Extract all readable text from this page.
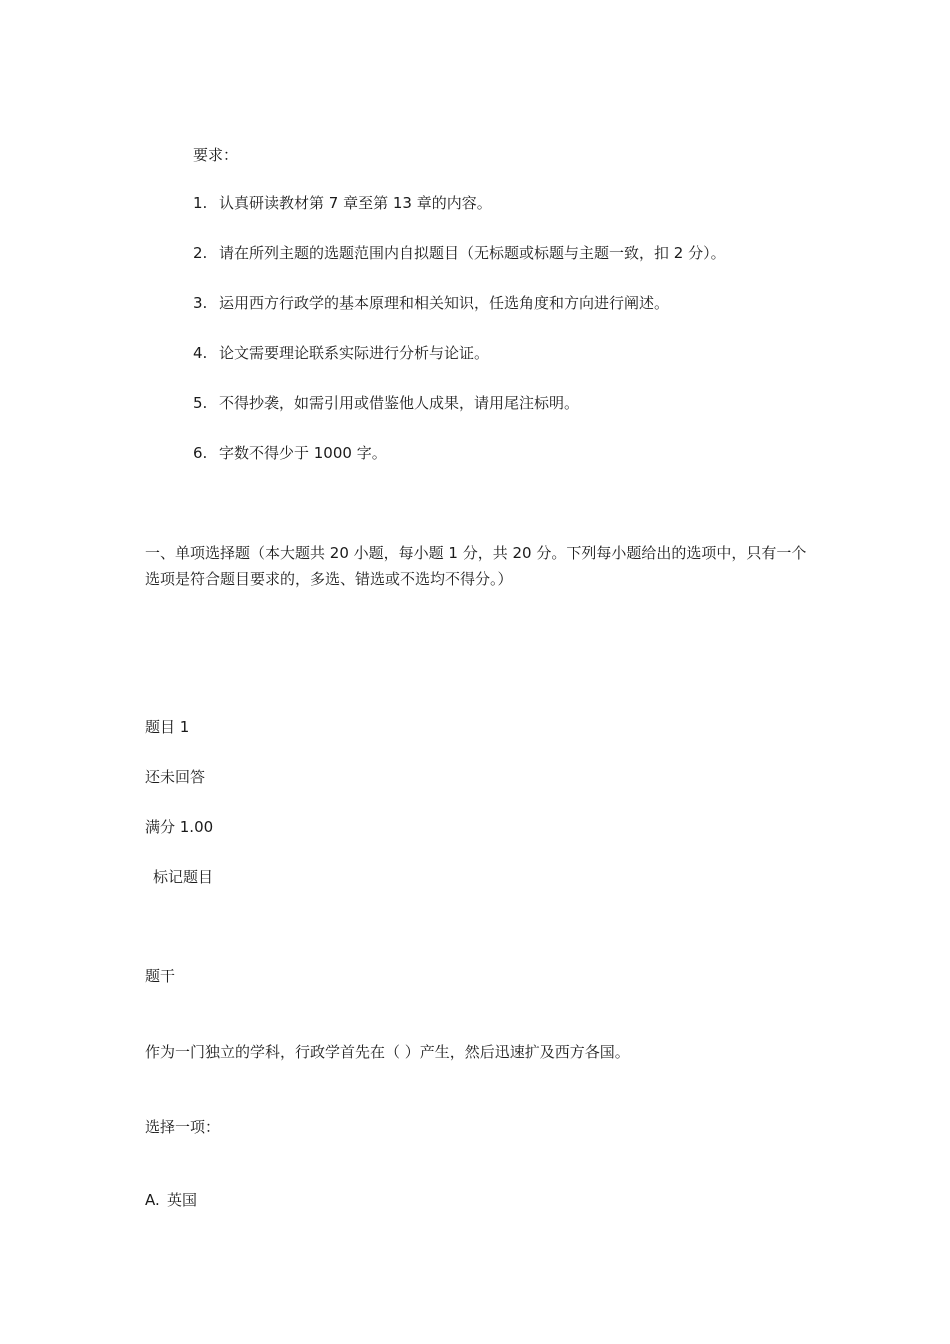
要求：
1. 认真研读教材第 7 章至第 13 章的内容。
2. 请在所列主题的选题范围内自拟题目（无标题或标题与主题一致，扣 2 分）。
3. 运用西方行政学的基本原理和相关知识，任选角度和方向进行阐述。
4. 论文需要理论联系实际进行分析与论证。
5. 不得抄袭，如需引用或借鉴他人成果，请用尾注标明。
6. 字数不得少于 1000 字。
一、单项选择题（本大题共 20 小题，每小题 1 分，共 20 分。下列每小题给出的选项中，只有一个选项是符合题目要求的，多选、错选或不选均不得分。）
题目 1
还未回答
满分 1.00
标记题目
题干
作为一门独立的学科，行政学首先在（ ）产生，然后迅速扩及西方各国。
选择一项：
A. 英国
